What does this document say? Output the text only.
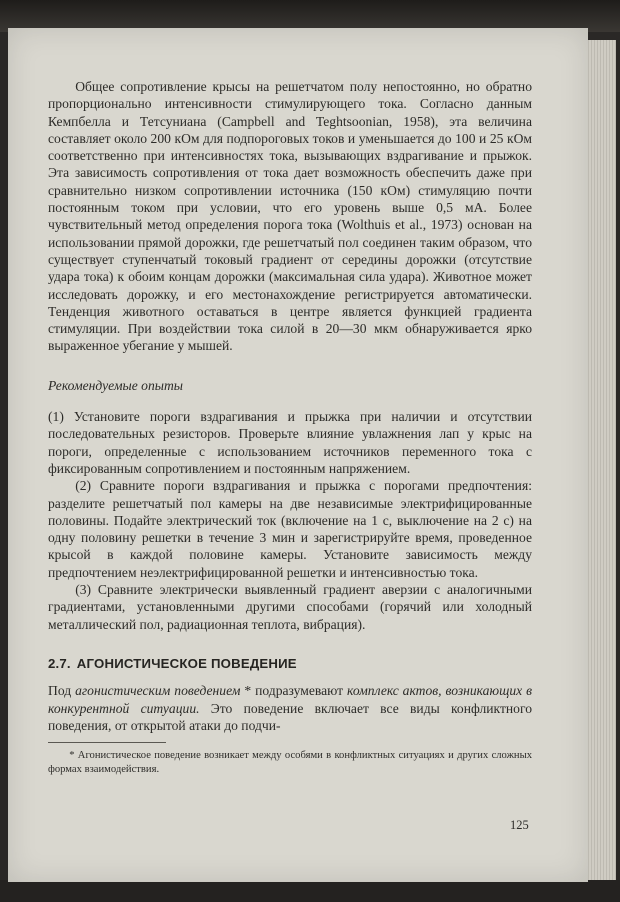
Общее сопротивление крысы на решетчатом полу непостоянно, но обратно пропорционально интенсивности стимулирующего тока. Согласно данным Кемпбелла и Тетсуниана (Campbell and Teghtsoonian, 1958), эта величина составляет около 200 кОм для подпороговых токов и уменьшается до 100 и 25 кОм соответственно при интенсивностях тока, вызывающих вздрагивание и прыжок. Эта зависимость сопротивления от тока дает возможность обеспечить даже при сравнительно низком сопротивлении источника (150 кОм) стимуляцию почти постоянным током при условии, что его уровень выше 0,5 мА. Более чувствительный метод определения порога тока (Wolthuis et al., 1973) основан на использовании прямой дорожки, где решетчатый пол соединен таким образом, что существует ступенчатый токовый градиент от середины дорожки (отсутствие удара тока) к обоим концам дорожки (максимальная сила удара). Животное может исследовать дорожку, и его местонахождение регистрируется автоматически. Тенденция животного оставаться в центре является функцией градиента стимуляции. При воздействии тока силой в 20—30 мкм обнаруживается ярко выраженное убегание у мышей.

Рекомендуемые опыты

(1) Установите пороги вздрагивания и прыжка при наличии и отсутствии последовательных резисторов. Проверьте влияние увлажнения лап у крыс на пороги, определенные с использованием источников переменного тока с фиксированным сопротивлением и постоянным напряжением.

(2) Сравните пороги вздрагивания и прыжка с порогами предпочтения: разделите решетчатый пол камеры на две независимые электрифицированные половины. Подайте электрический ток (включение на 1 с, выключение на 2 с) на одну половину решетки в течение 3 мин и зарегистрируйте время, проведенное крысой в каждой половине камеры. Установите зависимость между предпочтением неэлектрифицированной решетки и интенсивностью тока.

(3) Сравните электрически выявленный градиент аверзии с аналогичными градиентами, установленными другими способами (горячий или холодный металлический пол, радиационная теплота, вибрация).

2.7. АГОНИСТИЧЕСКОЕ ПОВЕДЕНИЕ

Под агонистическим поведением * подразумевают комплекс актов, возникающих в конкурентной ситуации. Это поведение включает все виды конфликтного поведения, от открытой атаки до подчи-

* Агонистическое поведение возникает между особями в конфликтных ситуациях и других сложных формах взаимодействия.

125
